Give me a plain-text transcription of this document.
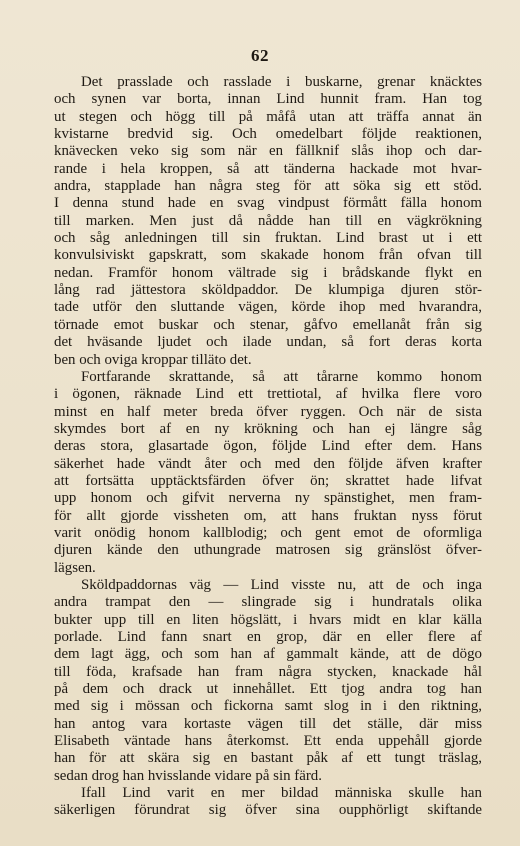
62
Det prasslade och rasslade i buskarne, grenar knäcktes
och synen var borta, innan Lind hunnit fram. Han tog
ut stegen och högg till på måfå utan att träffa annat än
kvistarne bredvid sig. Och omedelbart följde reaktionen,
knävecken veko sig som när en fällknif slås ihop och dar-
rande i hela kroppen, så att tänderna hackade mot hvar-
andra, stapplade han några steg för att söka sig ett stöd.
I denna stund hade en svag vindpust förmått fälla honom
till marken. Men just då nådde han till en vägkrökning
och såg anledningen till sin fruktan. Lind brast ut i ett
konvulsiviskt gapskratt, som skakade honom från ofvan till
nedan. Framför honom vältrade sig i brådskande flykt en
lång rad jättestora sköldpaddor. De klumpiga djuren stör-
tade utför den sluttande vägen, körde ihop med hvarandra,
törnade emot buskar och stenar, gåfvo emellanåt från sig
det hväsande ljudet och ilade undan, så fort deras korta
ben och oviga kroppar tilläto det.
Fortfarande skrattande, så att tårarne kommo honom
i ögonen, räknade Lind ett trettiotal, af hvilka flere voro
minst en half meter breda öfver ryggen. Och när de sista
skymdes bort af en ny krökning och han ej längre såg
deras stora, glasartade ögon, följde Lind efter dem. Hans
säkerhet hade vändt åter och med den följde äfven krafter
att fortsätta upptäcktsfärden öfver ön; skrattet hade lifvat
upp honom och gifvit nerverna ny spänstighet, men fram-
för allt gjorde vissheten om, att hans fruktan nyss förut
varit onödig honom kallblodig; och gent emot de oformliga
djuren kände den uthungrade matrosen sig gränslöst öfver-
lägsen.
Sköldpaddornas väg — Lind visste nu, att de och inga
andra trampat den — slingrade sig i hundratals olika
bukter upp till en liten högslätt, i hvars midt en klar källa
porlade. Lind fann snart en grop, där en eller flere af
dem lagt ägg, och som han af gammalt kände, att de dögo
till föda, krafsade han fram några stycken, knackade hål
på dem och drack ut innehållet. Ett tjog andra tog han
med sig i mössan och fickorna samt slog in i den riktning,
han antog vara kortaste vägen till det ställe, där miss
Elisabeth väntade hans återkomst. Ett enda uppehåll gjorde
han för att skära sig en bastant påk af ett tungt träslag,
sedan drog han hvisslande vidare på sin färd.
Ifall Lind varit en mer bildad människa skulle han
säkerligen förundrat sig öfver sina oupphörligt skiftande
